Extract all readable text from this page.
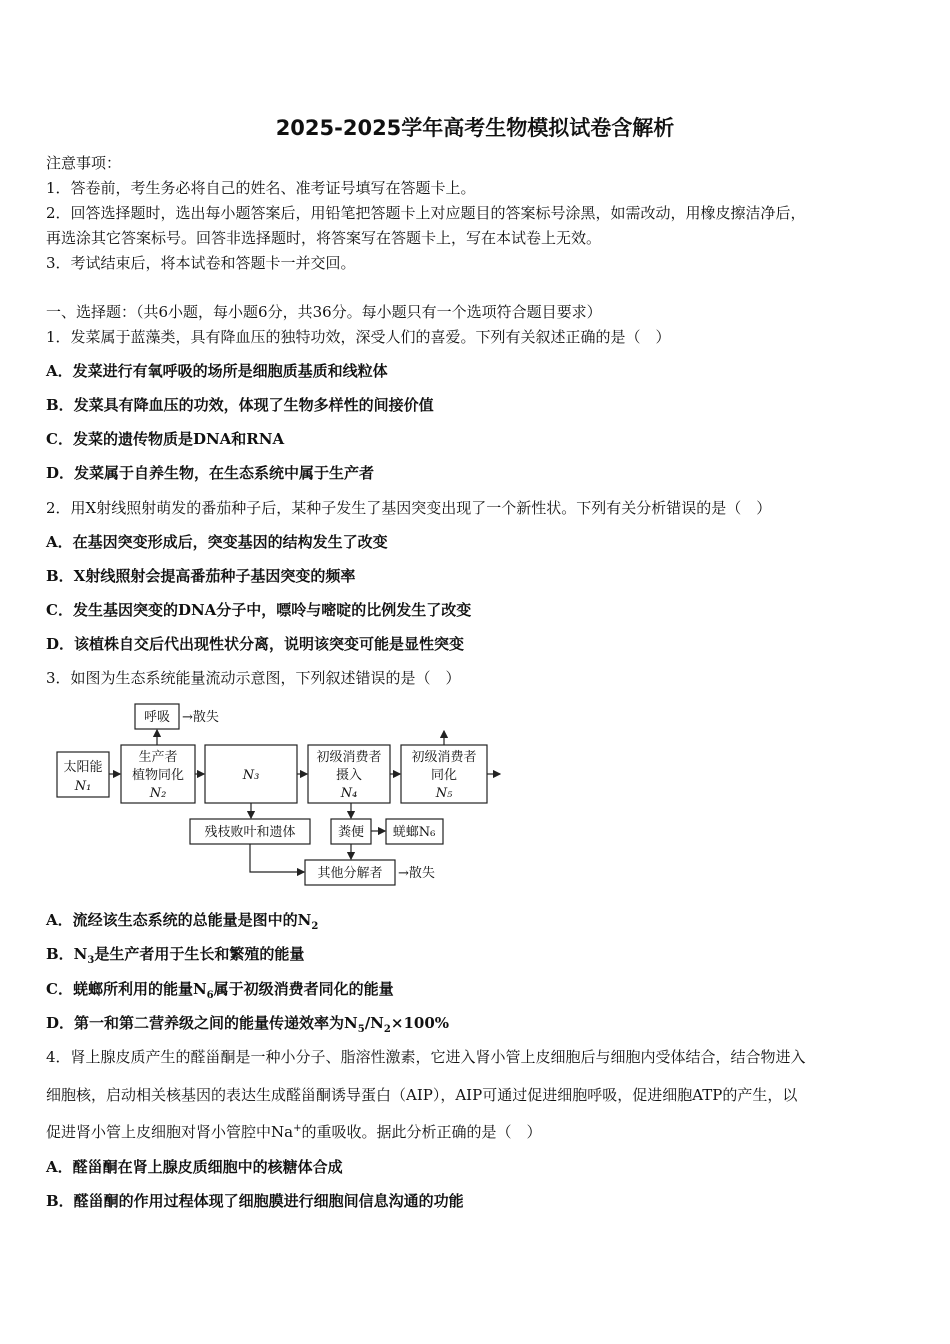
2025-2025学年高考生物模拟试卷含解析
注意事项：
1．答卷前，考生务必将自己的姓名、准考证号填写在答题卡上。
2．回答选择题时，选出每小题答案后，用铅笔把答题卡上对应题目的答案标号涂黑，如需改动，用橡皮擦洁净后，
再选涂其它答案标号。回答非选择题时，将答案写在答题卡上，写在本试卷上无效。
3．考试结束后，将本试卷和答题卡一并交回。
一、选择题：（共6小题，每小题6分，共36分。每小题只有一个选项符合题目要求）
1．发菜属于蓝藻类，具有降血压的独特功效，深受人们的喜爱。下列有关叙述正确的是（　）
A．发菜进行有氧呼吸的场所是细胞质基质和线粒体
B．发菜具有降血压的功效，体现了生物多样性的间接价值
C．发菜的遗传物质是DNA和RNA
D．发菜属于自养生物，在生态系统中属于生产者
2．用X射线照射萌发的番茄种子后，某种子发生了基因突变出现了一个新性状。下列有关分析错误的是（　）
A．在基因突变形成后，突变基因的结构发生了改变
B．X射线照射会提高番茄种子基因突变的频率
C．发生基因突变的DNA分子中，嘌呤与嘧啶的比例发生了改变
D．该植株自交后代出现性状分离，说明该突变可能是显性突变
3．如图为生态系统能量流动示意图，下列叙述错误的是（　）
呼吸 →散失
太阳能
N₁
生产者
植物同化
N₂
N₃
初级消费者
摄入
N₄
初级消费者
同化
N₅
残枝败叶和遗体	粪便 蜣螂N₆
其他分解者 →散失
A．流经该生态系统的总能量是图中的$N_2$
B．$N_3$是生产者用于生长和繁殖的能量
C．蜣螂所利用的能量$N_6$属于初级消费者同化的能量
D．第一和第二营养级之间的能量传递效率为$N_5/N_2\times 100\%$
4．肾上腺皮质产生的醛甾酮是一种小分子、脂溶性激素，它进入肾小管上皮细胞后与细胞内受体结合，结合物进入
细胞核，启动相关核基因的表达生成醛甾酮诱导蛋白（AIP），AIP可通过促进细胞呼吸，促进细胞ATP的产生，以
促进肾小管上皮细胞对肾小管腔中Na+的重吸收。据此分析正确的是（　）
A．醛甾酮在肾上腺皮质细胞中的核糖体合成
B．醛甾酮的作用过程体现了细胞膜进行细胞间信息沟通的功能
